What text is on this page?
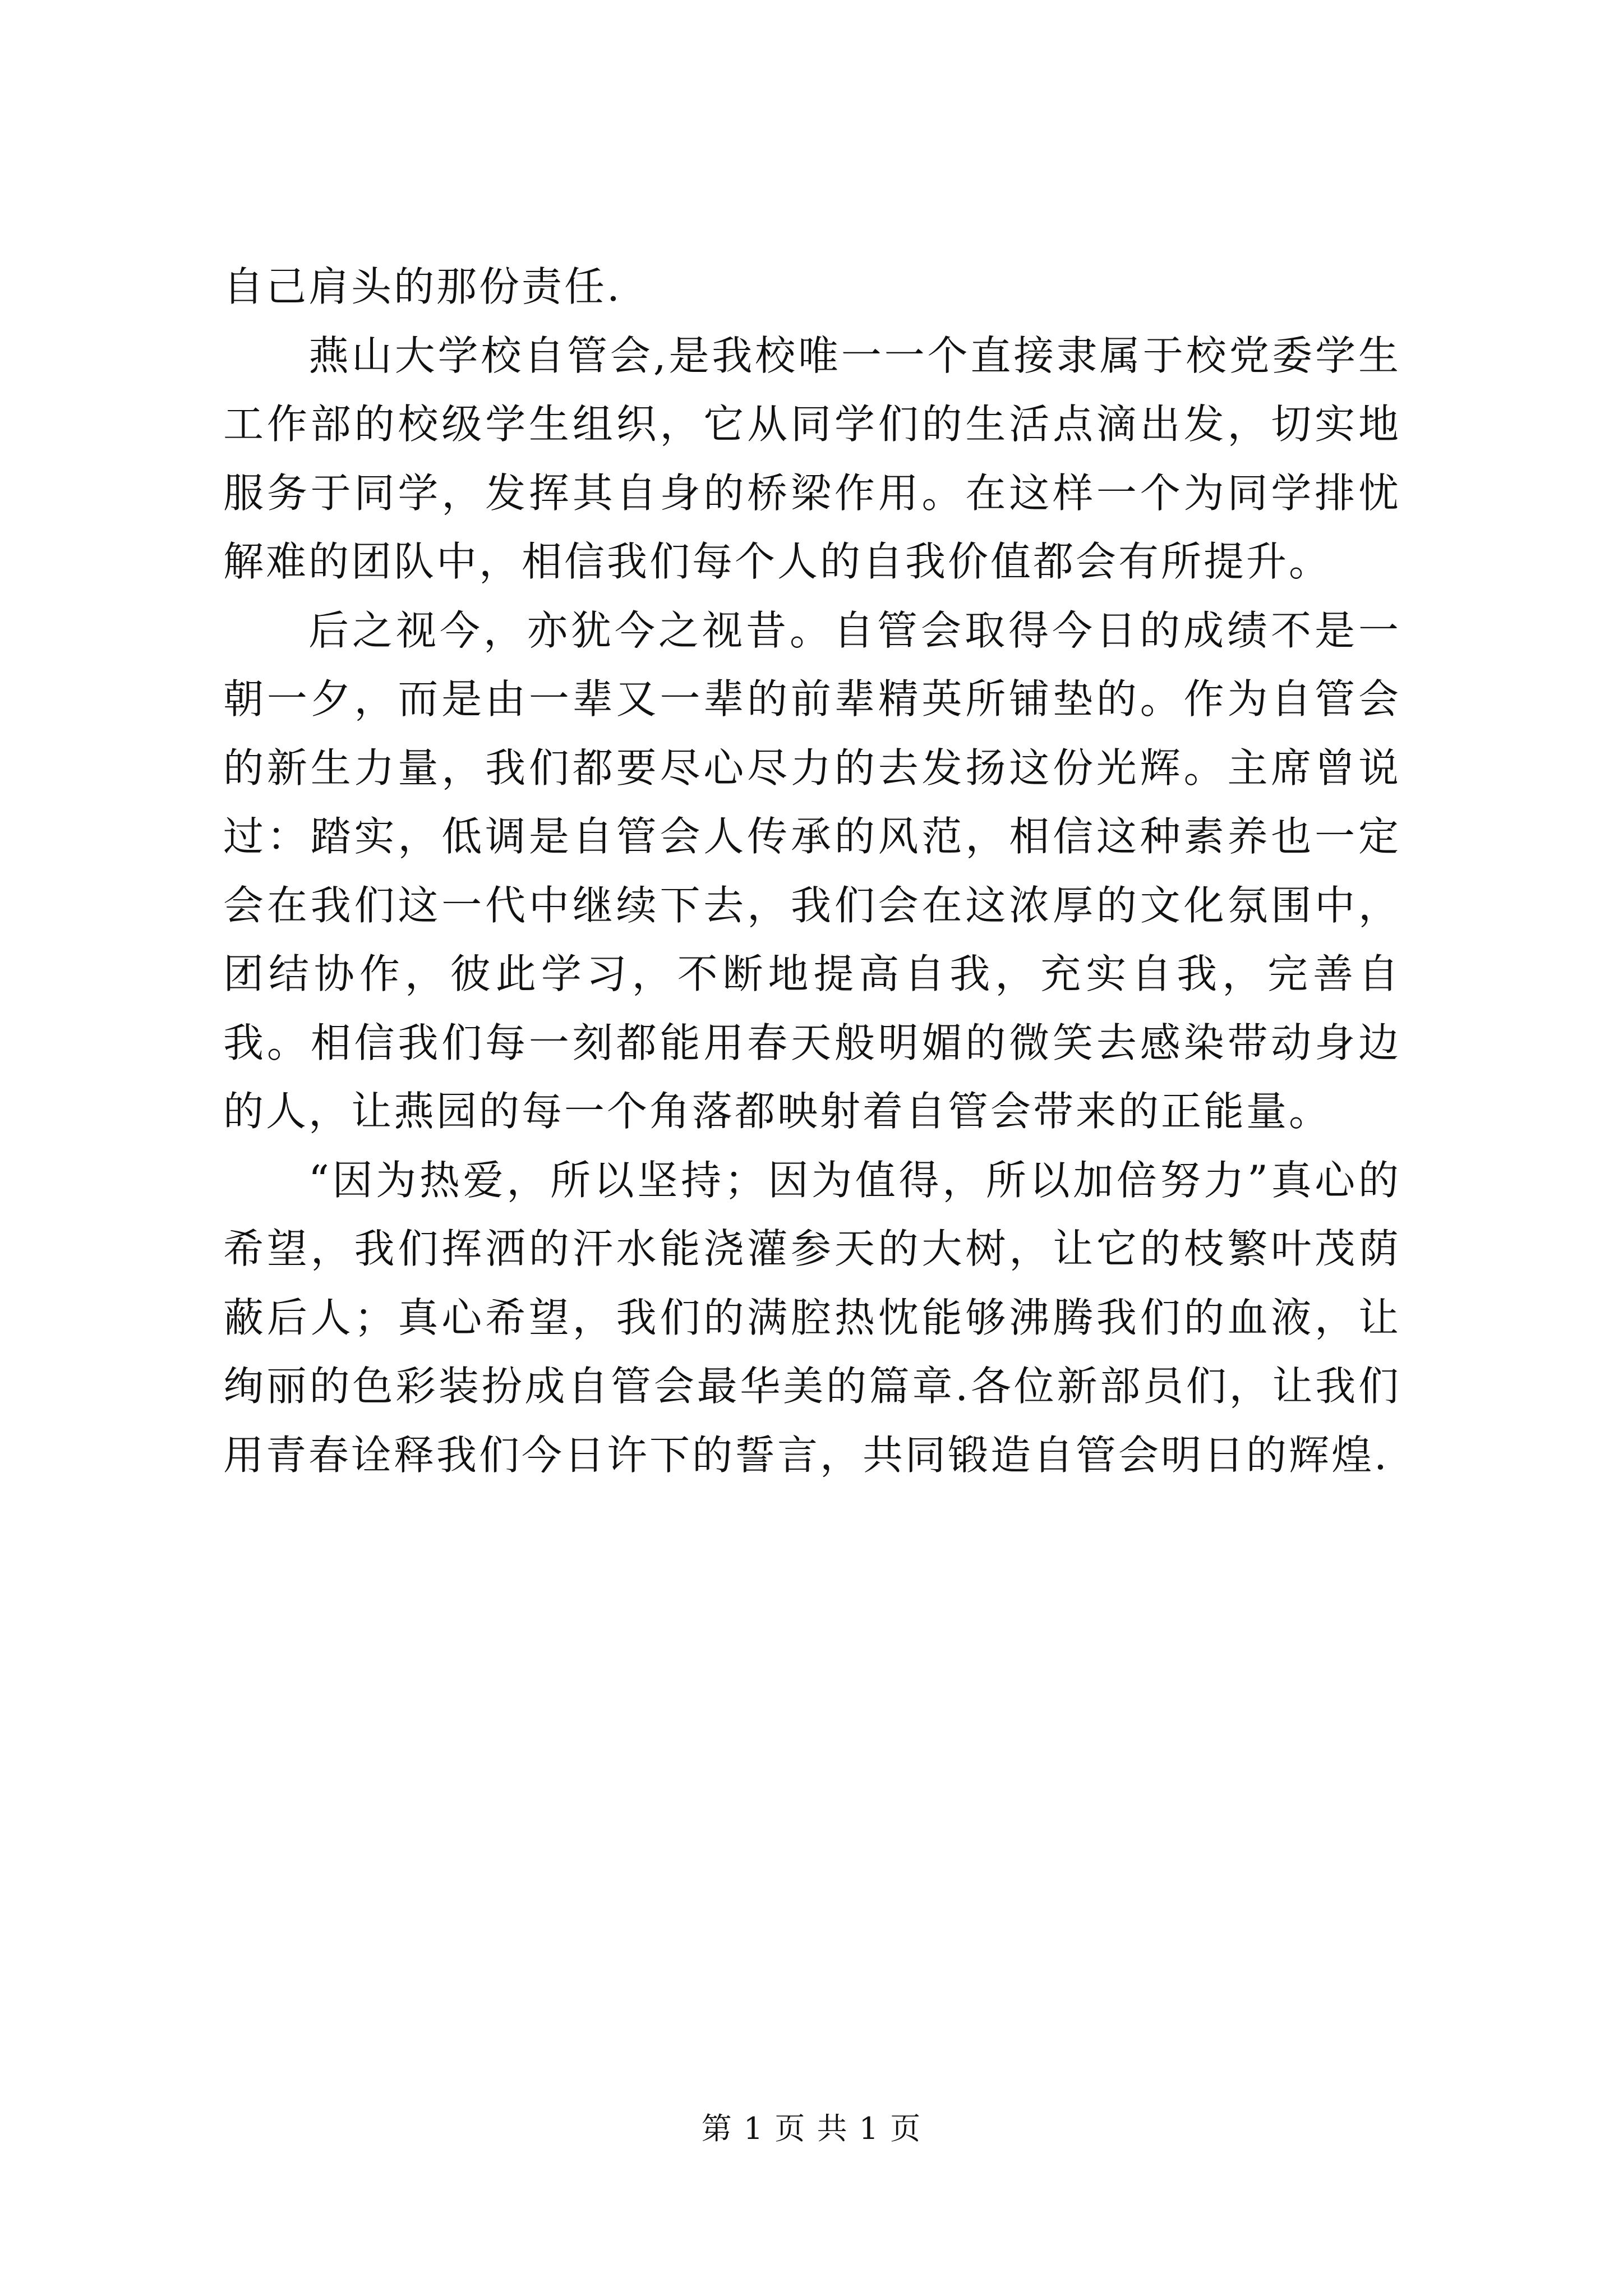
自己肩头的那份责任.

燕山大学校自管会,是我校唯一一个直接隶属于校党委学生工作部的校级学生组织，它从同学们的生活点滴出发，切实地服务于同学，发挥其自身的桥梁作用。在这样一个为同学排忧解难的团队中，相信我们每个人的自我价值都会有所提升。

后之视今，亦犹今之视昔。自管会取得今日的成绩不是一朝一夕，而是由一辈又一辈的前辈精英所铺垫的。作为自管会的新生力量，我们都要尽心尽力的去发扬这份光辉。主席曾说过：踏实，低调是自管会人传承的风范，相信这种素养也一定会在我们这一代中继续下去，我们会在这浓厚的文化氛围中，团结协作，彼此学习，不断地提高自我，充实自我，完善自我。相信我们每一刻都能用春天般明媚的微笑去感染带动身边的人，让燕园的每一个角落都映射着自管会带来的正能量。

“因为热爱，所以坚持；因为值得，所以加倍努力”真心的希望，我们挥洒的汗水能浇灌参天的大树，让它的枝繁叶茂荫蔽后人；真心希望，我们的满腔热忱能够沸腾我们的血液，让绚丽的色彩装扮成自管会最华美的篇章.各位新部员们，让我们用青春诠释我们今日许下的誓言，共同锻造自管会明日的辉煌.

第 1 页 共 1 页
